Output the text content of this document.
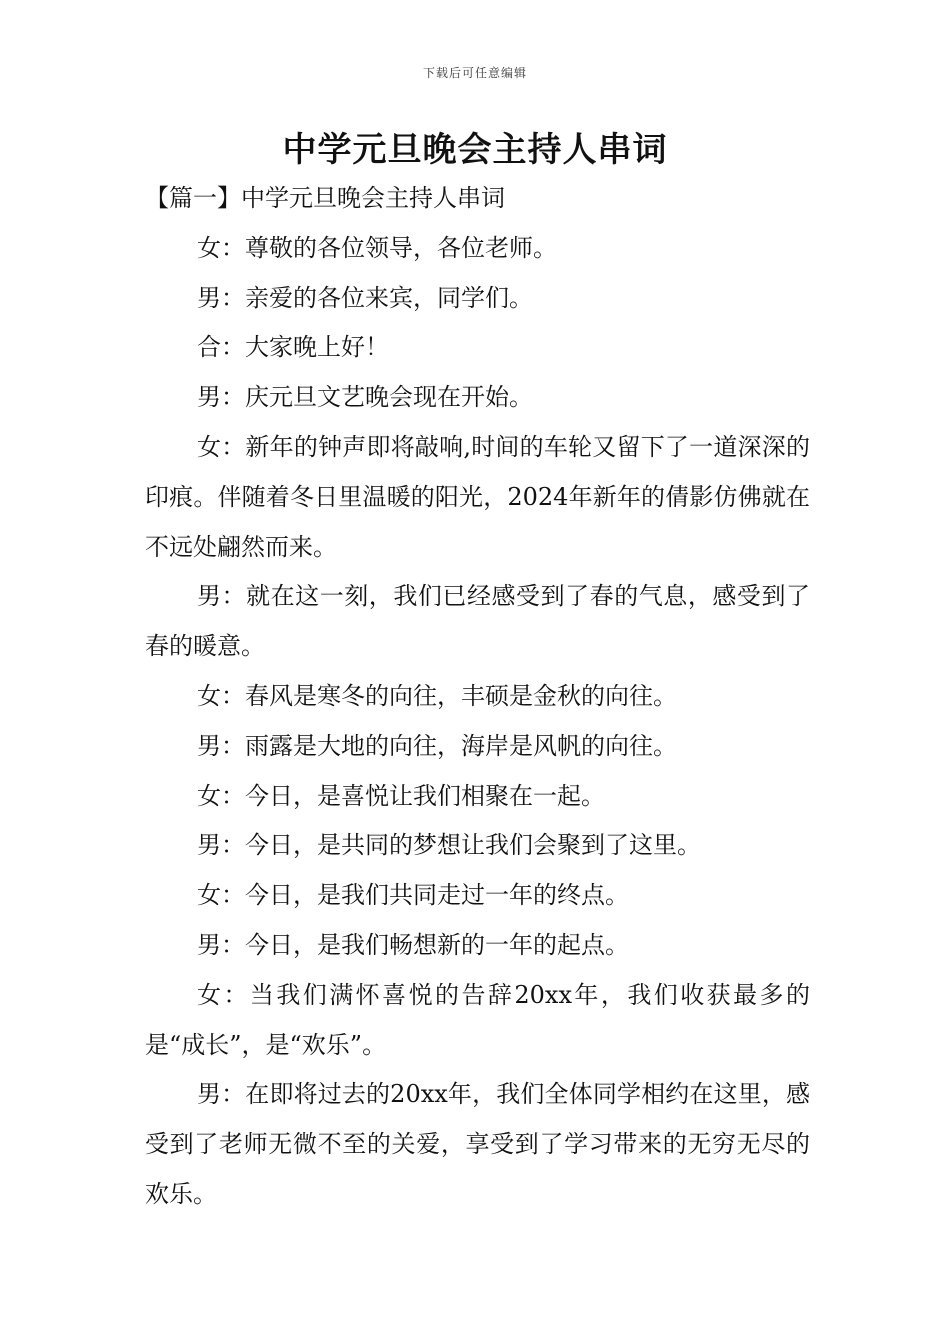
下载后可任意编辑
中学元旦晚会主持人串词
【篇一】中学元旦晚会主持人串词

女：尊敬的各位领导，各位老师。

男：亲爱的各位来宾，同学们。

合：大家晚上好！

男：庆元旦文艺晚会现在开始。

女：新年的钟声即将敲响,时间的车轮又留下了一道深深的印痕。伴随着冬日里温暖的阳光，2024年新年的倩影仿佛就在不远处翩然而来。

男：就在这一刻，我们已经感受到了春的气息，感受到了春的暖意。

女：春风是寒冬的向往，丰硕是金秋的向往。

男：雨露是大地的向往，海岸是风帆的向往。

女：今日，是喜悦让我们相聚在一起。

男：今日，是共同的梦想让我们会聚到了这里。

女：今日，是我们共同走过一年的终点。

男：今日，是我们畅想新的一年的起点。

女：当我们满怀喜悦的告辞20xx年，我们收获最多的是“成长”，是“欢乐”。

男：在即将过去的20xx年，我们全体同学相约在这里，感受到了老师无微不至的关爱，享受到了学习带来的无穷无尽的欢乐。
